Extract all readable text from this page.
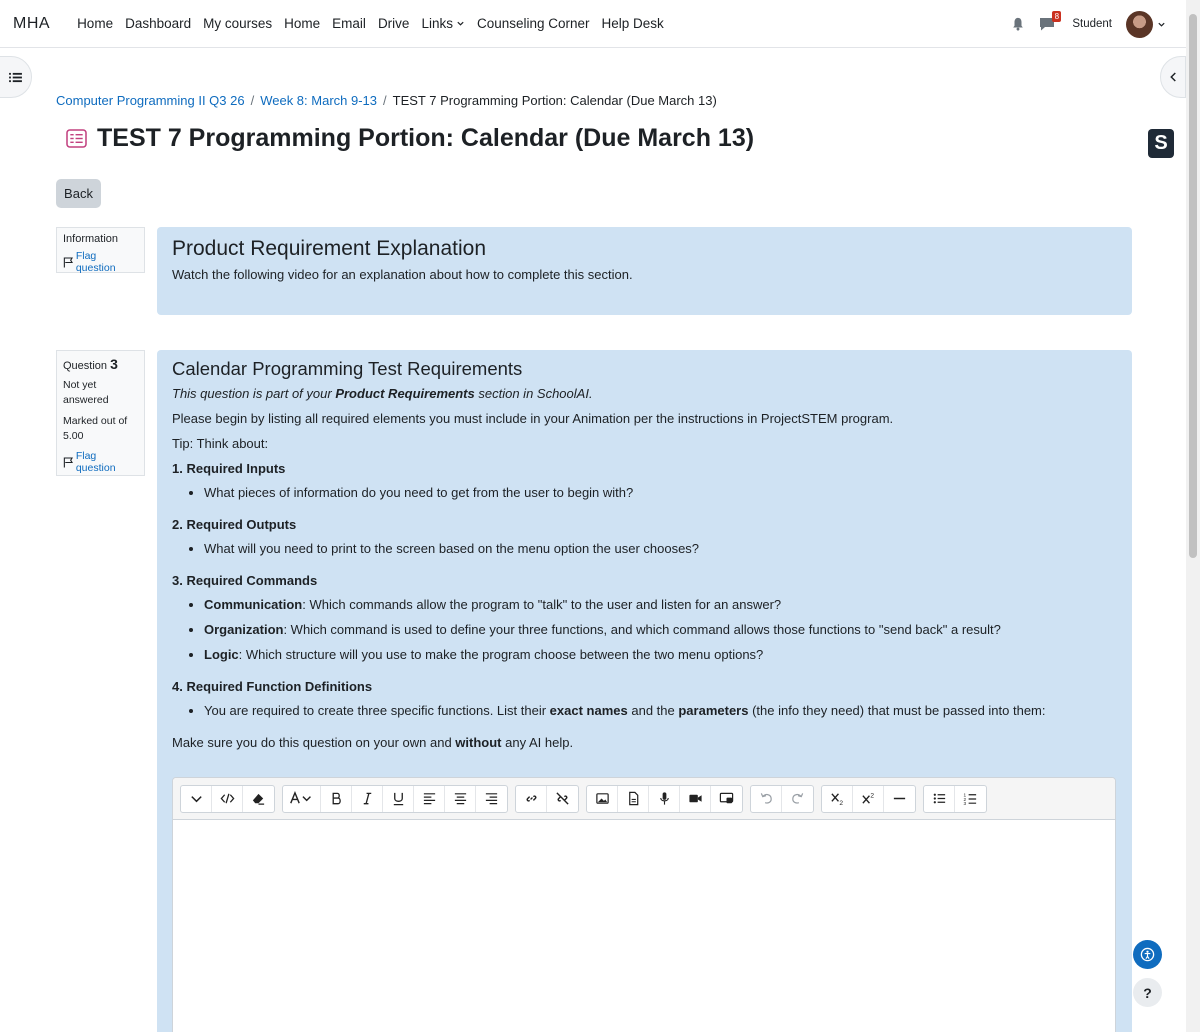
MHA	Home Dashboard My courses Home Email Drive Links	Counseling Corner Help Desk	8
Student
Computer Programming II Q3 26 / Week 8: March 9-13 / TEST 7 Programming Portion: Calendar (Due March 13)
TEST 7 Programming Portion: Calendar (Due March 13)	S
Back
Information
Flag question
Product Requirement Explanation

Watch the following video for an explanation about how to complete this section.

Question 3
Not yet answered
Marked out of 5.00
Flag question
Calendar Programming Test Requirements

This question is part of your Product Requirements section in SchoolAI.

Please begin by listing all required elements you must include in your Animation per the instructions in ProjectSTEM program.

Tip: Think about:

1. Required Inputs

• What pieces of information do you need to get from the user to begin with?

2. Required Outputs

• What will you need to print to the screen based on the menu option the user chooses?

3. Required Commands

• Communication: Which commands allow the program to "talk" to the user and listen for an answer?
• Organization: Which command is used to define your three functions, and which command allows those functions to "send back" a result?
• Logic: Which structure will you use to make the program choose between the two menu options?

4. Required Function Definitions

• You are required to create three specific functions. List their exact names and the parameters (the info they need) that must be passed into them:

Make sure you do this question on your own and without any AI help.

2
2	1
2
3
?
